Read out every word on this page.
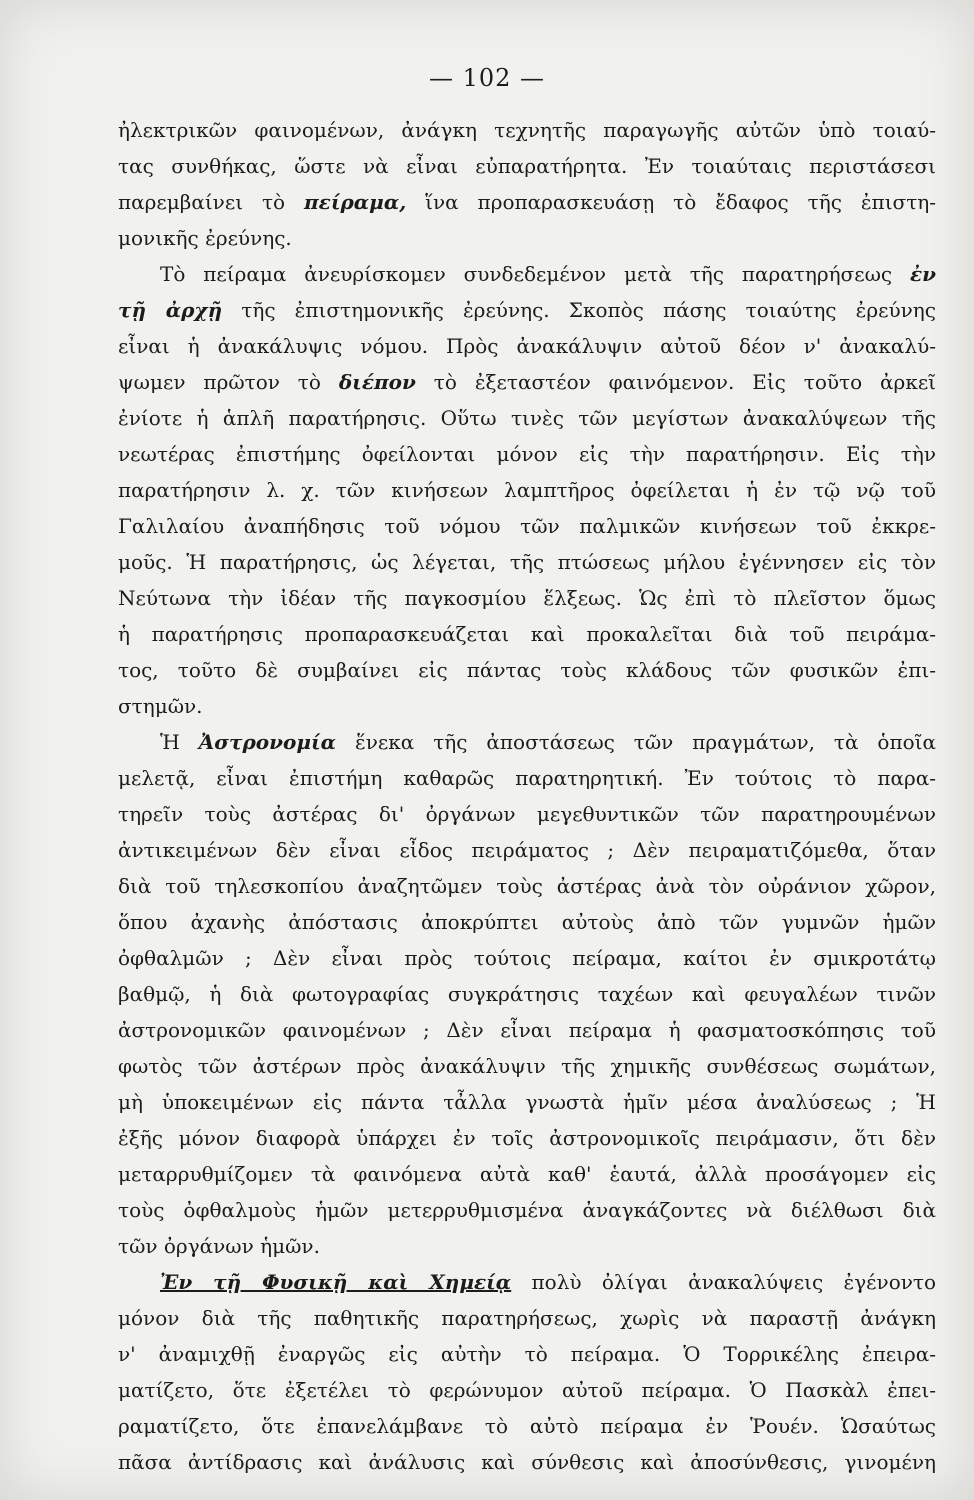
— 102 —
ἠλεκτρικῶν φαινομένων, ἀνάγκη τεχνητῆς παραγωγῆς αὐτῶν ὑπὸ τοιαύ-
τας συνθήκας, ὥστε νὰ εἶναι εὐπαρατήρητα. Ἐν τοιαύταις περιστάσεσι
παρεμβαίνει τὸ πείραμα, ἵνα προπαρασκευάσῃ τὸ ἔδαφος τῆς ἐπιστη-
μονικῆς ἐρεύνης.
Τὸ πείραμα ἀνευρίσκομεν συνδεδεμένον μετὰ τῆς παρατηρήσεως ἐν
τῇ ἀρχῇ τῆς ἐπιστημονικῆς ἐρεύνης. Σκοπὸς πάσης τοιαύτης ἐρεύνης
εἶναι ἡ ἀνακάλυψις νόμου. Πρὸς ἀνακάλυψιν αὐτοῦ δέον ν' ἀνακαλύ-
ψωμεν πρῶτον τὸ διέπον τὸ ἐξεταστέον φαινόμενον. Εἰς τοῦτο ἀρκεῖ
ἐνίοτε ἡ ἁπλῆ παρατήρησις. Οὕτω τινὲς τῶν μεγίστων ἀνακαλύψεων τῆς
νεωτέρας ἐπιστήμης ὀφείλονται μόνον εἰς τὴν παρατήρησιν. Εἰς τὴν
παρατήρησιν λ. χ. τῶν κινήσεων λαμπτῆρος ὀφείλεται ἡ ἐν τῷ νῷ τοῦ
Γαλιλαίου ἀναπήδησις τοῦ νόμου τῶν παλμικῶν κινήσεων τοῦ ἐκκρε-
μοῦς. Ἡ παρατήρησις, ὡς λέγεται, τῆς πτώσεως μήλου ἐγέννησεν εἰς τὸν
Νεύτωνα τὴν ἰδέαν τῆς παγκοσμίου ἕλξεως. Ὡς ἐπὶ τὸ πλεῖστον ὅμως
ἡ παρατήρησις προπαρασκευάζεται καὶ προκαλεῖται διὰ τοῦ πειράμα-
τος, τοῦτο δὲ συμβαίνει εἰς πάντας τοὺς κλάδους τῶν φυσικῶν ἐπι-
στημῶν.
Ἡ Ἀστρονομία ἕνεκα τῆς ἀποστάσεως τῶν πραγμάτων, τὰ ὁποῖα
μελετᾷ, εἶναι ἐπιστήμη καθαρῶς παρατηρητική. Ἐν τούτοις τὸ παρα-
τηρεῖν τοὺς ἀστέρας δι' ὀργάνων μεγεθυντικῶν τῶν παρατηρουμένων
ἀντικειμένων δὲν εἶναι εἶδος πειράματος ; Δὲν πειραματιζόμεθα, ὅταν
διὰ τοῦ τηλεσκοπίου ἀναζητῶμεν τοὺς ἀστέρας ἀνὰ τὸν οὐράνιον χῶρον,
ὅπου ἀχανὴς ἀπόστασις ἀποκρύπτει αὐτοὺς ἀπὸ τῶν γυμνῶν ἡμῶν
ὀφθαλμῶν ; Δὲν εἶναι πρὸς τούτοις πείραμα, καίτοι ἐν σμικροτάτῳ
βαθμῷ, ἡ διὰ φωτογραφίας συγκράτησις ταχέων καὶ φευγαλέων τινῶν
ἀστρονομικῶν φαινομένων ; Δὲν εἶναι πείραμα ἡ φασματοσκόπησις τοῦ
φωτὸς τῶν ἀστέρων πρὸς ἀνακάλυψιν τῆς χημικῆς συνθέσεως σωμάτων,
μὴ ὑποκειμένων εἰς πάντα τἆλλα γνωστὰ ἡμῖν μέσα ἀναλύσεως ; Ἡ
ἐξῆς μόνον διαφορὰ ὑπάρχει ἐν τοῖς ἀστρονομικοῖς πειράμασιν, ὅτι δὲν
μεταρρυθμίζομεν τὰ φαινόμενα αὐτὰ καθ' ἑαυτά, ἀλλὰ προσάγομεν εἰς
τοὺς ὀφθαλμοὺς ἡμῶν μετερρυθμισμένα ἀναγκάζοντες νὰ διέλθωσι διὰ
τῶν ὀργάνων ἡμῶν.
Ἐν τῇ Φυσικῇ καὶ Χημείᾳ πολὺ ὀλίγαι ἀνακαλύψεις ἐγένοντο
μόνον διὰ τῆς παθητικῆς παρατηρήσεως, χωρὶς νὰ παραστῇ ἀνάγκη
ν' ἀναμιχθῇ ἐναργῶς εἰς αὐτὴν τὸ πείραμα. Ὁ Τορρικέλης ἐπειρα-
ματίζετο, ὅτε ἐξετέλει τὸ φερώνυμον αὐτοῦ πείραμα. Ὁ Πασκὰλ ἐπει-
ραματίζετο, ὅτε ἐπανελάμβανε τὸ αὐτὸ πείραμα ἐν Ῥουέν. Ὡσαύτως
πᾶσα ἀντίδρασις καὶ ἀνάλυσις καὶ σύνθεσις καὶ ἀποσύνθεσις, γινομένη
